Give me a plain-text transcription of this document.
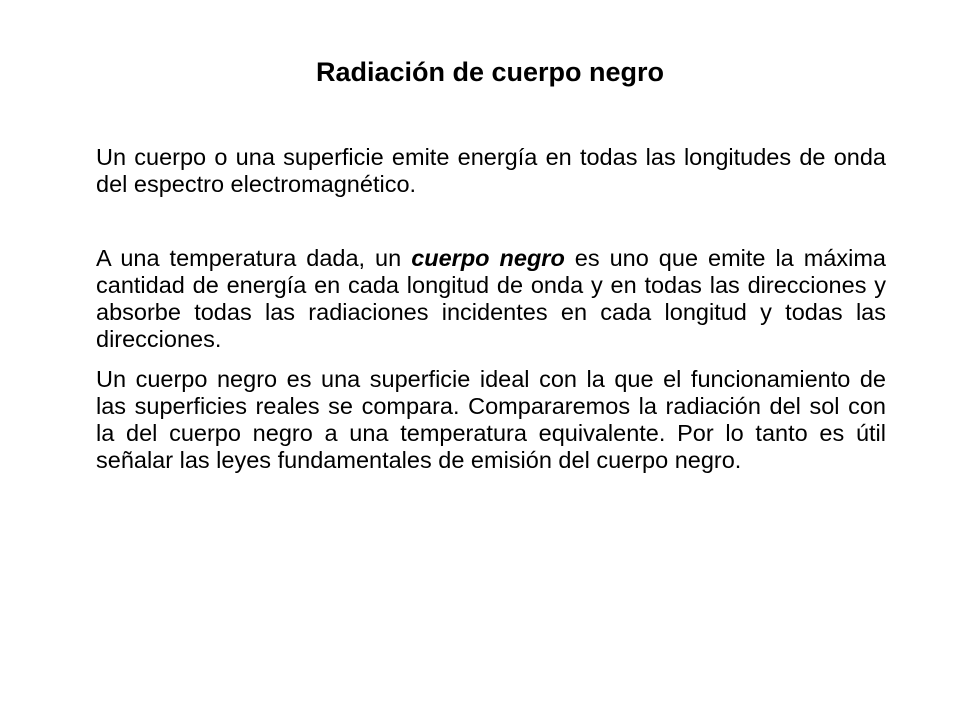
Radiación de cuerpo negro

Un cuerpo o una superficie emite energía en todas las longitudes de onda del espectro electromagnético.

A una temperatura dada, un cuerpo negro es uno que emite la máxima cantidad de energía en cada longitud de onda y en todas las direcciones y absorbe todas las radiaciones incidentes en cada longitud y todas las direcciones.

Un cuerpo negro es una superficie ideal con la que el funcionamiento de las superficies reales se compara. Compararemos la radiación del sol con la del cuerpo negro a una temperatura equivalente. Por lo tanto es útil señalar las leyes fundamentales de emisión del cuerpo negro.
